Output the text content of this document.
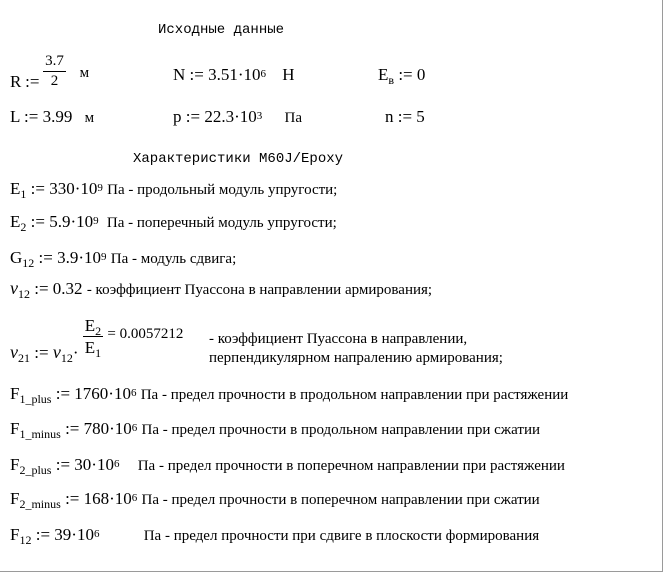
Исходные данные
R := $\frac{3.7}{2}$ м	N := $3.51\cdot 10^6$ Н	$E_в$ := 0
L := 3.99 м	p := $22.3\cdot 10^3$ Па	n := 5
Характеристики M60J/Epoxy
$E_1$ := $330\cdot 10^9$ Па - продольный модуль упругости;
$E_2$ := $5.9\cdot 10^9$ Па - поперечный модуль упругости;
$G_{12}$ := $3.9\cdot 10^9$ Па - модуль сдвига;
$\nu_{12}$ := 0.32 - коэффициент Пуассона в направлении армирования;
$\nu_{21}$ := $\nu_{12}\cdot \frac{E_2}{E_1} = 0.0057212$ - коэффициент Пуассона в направлении,
перпендикулярном напралению армирования;
$F_{1\_plus}$ := $1760\cdot 10^6$ Па - предел прочности в продольном направлении при растяжении
$F_{1\_minus}$ := $780\cdot 10^6$ Па - предел прочности в продольном направлении при сжатии
$F_{2\_plus}$ := $30\cdot 10^6$ Па - предел прочности в поперечном направлении при растяжении
$F_{2\_minus}$ := $168\cdot 10^6$ Па - предел прочности в поперечном направлении при сжатии
$F_{12}$ := $39\cdot 10^6$	Па - предел прочности при сдвиге в плоскости формирования
